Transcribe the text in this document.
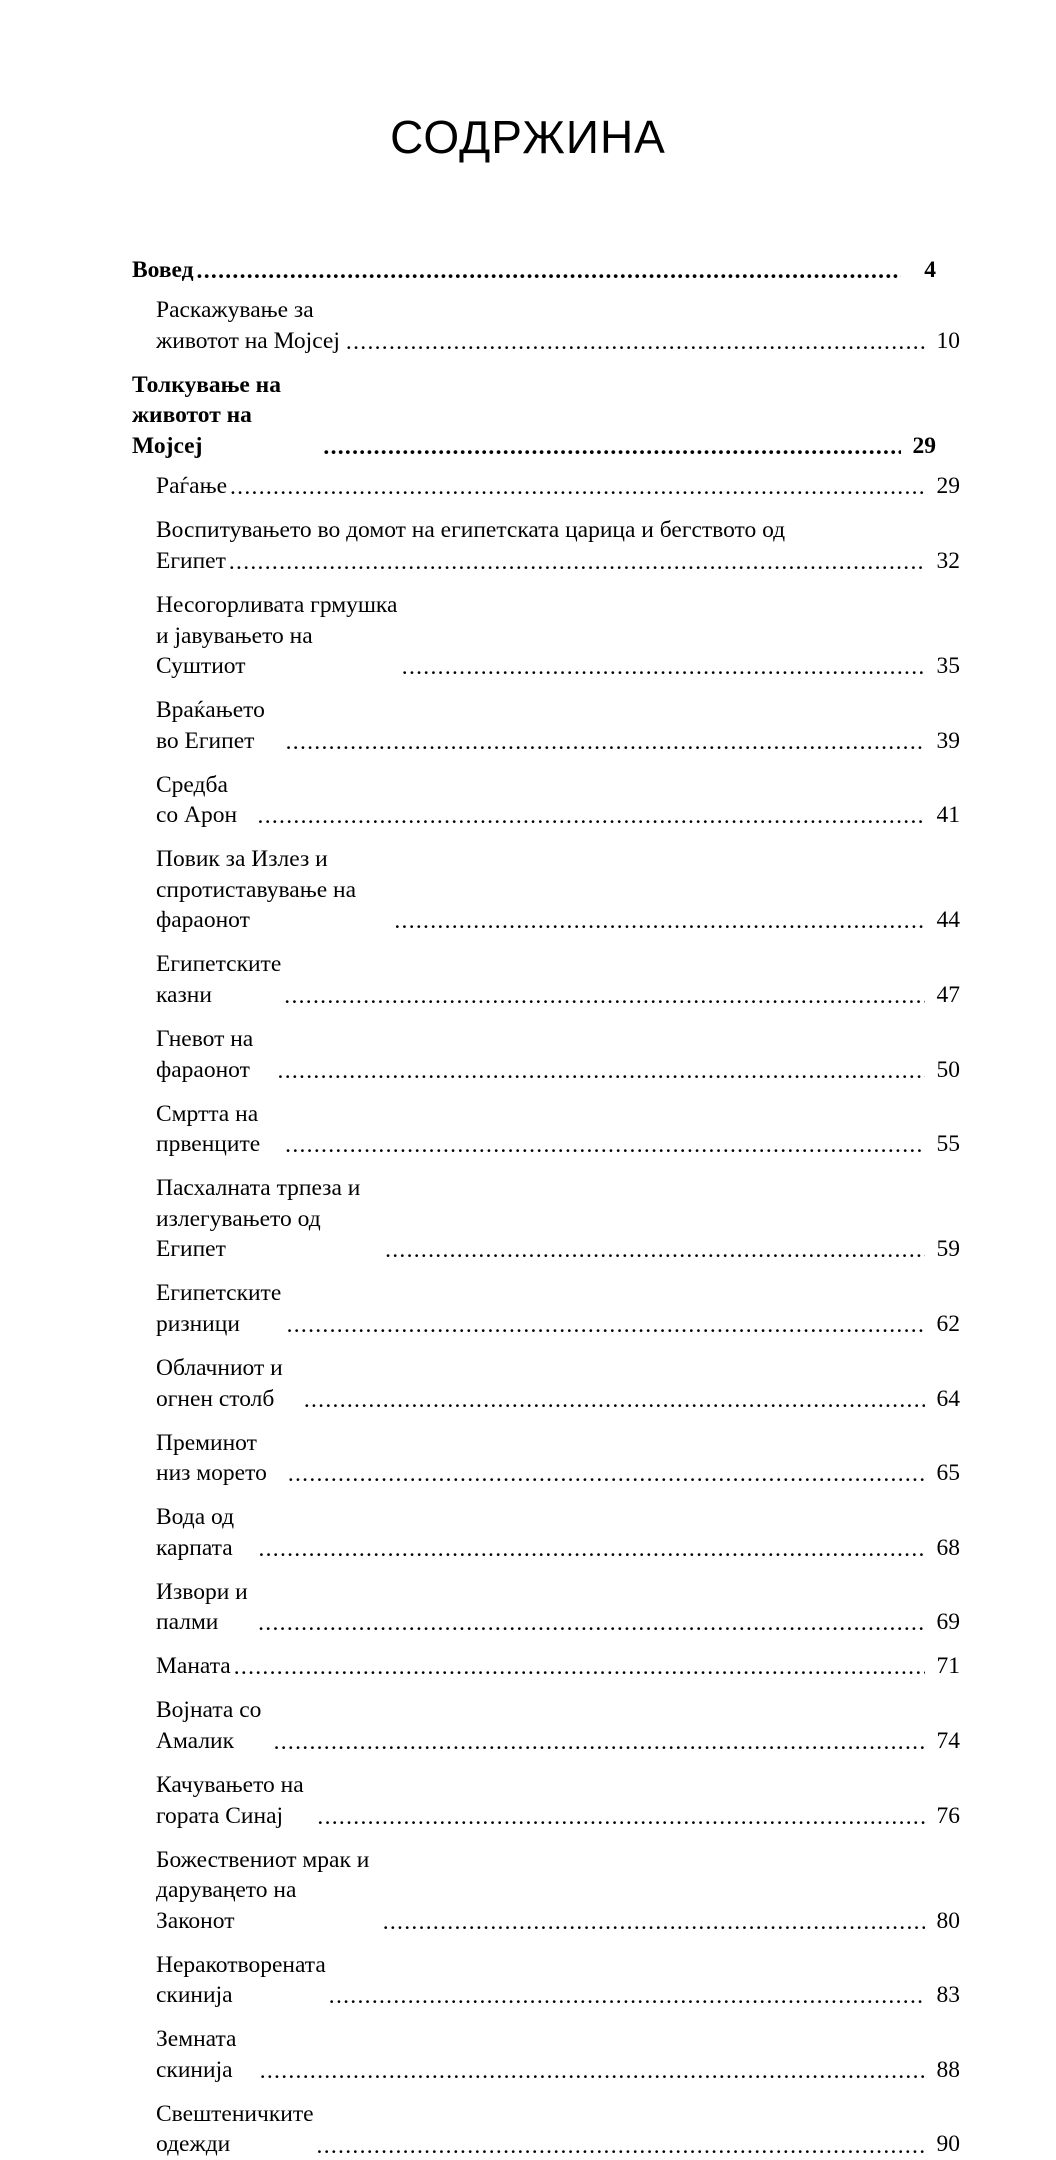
СОДРЖИНА
Вовед .....	4
Раскажување за животот на Мојсеj .....	10
Толкување на животот на Мојсеj .....	29
Раѓање .....	29
Воспитувањето во домот на египетската царица и бегството од
Египет .....	32
Несогорливата грмушка и јавувањето на Суштиот .....	35
Враќањето во Египет .....	39
Средба со Арон .....	41
Повик за Излез и спротиставување на фараонот .....	44
Египетските казни .....	47
Гневот на фараонот .....	50
Смртта на првенците .....	55
Пасхалната трпеза и излегувањето од Египет .....	59
Египетските ризници .....	62
Облачниот и огнен столб .....	64
Преминот низ морето .....	65
Вода од карпата .....	68
Извори и палми .....	69
Маната .....	71
Војната со Амалик .....	74
Качувањето на гората Синај .....	76
Божествениот мрак и даруваңето на Законот .....	80
Неракотворената скинија .....	83
Земната скинија .....	88
Свештеничките одежди .....	90
